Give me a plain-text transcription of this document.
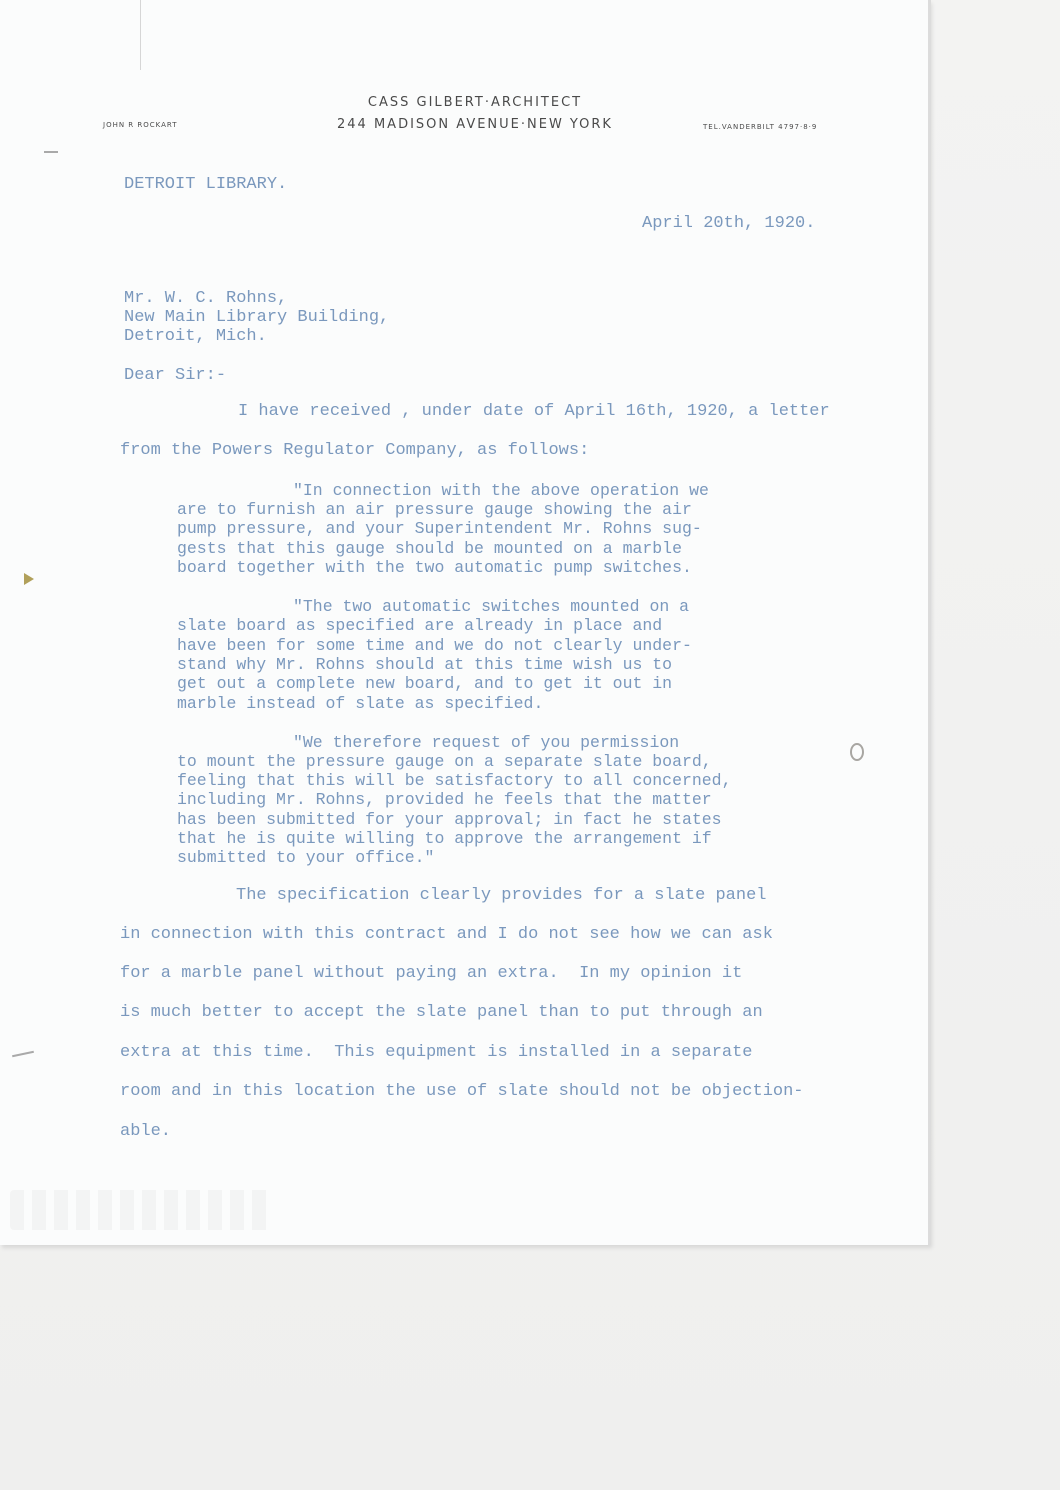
CASS GILBERT·ARCHITECT
244 MADISON AVENUE·NEW YORK
JOHN R ROCKART	TEL.VANDERBILT 4797·8·9
DETROIT LIBRARY.
April 20th, 1920.
Mr. W. C. Rohns,
New Main Library Building,
Detroit, Mich.
Dear Sir:-
I have received , under date of April 16th, 1920, a letter
from the Powers Regulator Company, as follows:
"In connection with the above operation we
are to furnish an air pressure gauge showing the air
pump pressure, and your Superintendent Mr. Rohns sug-
gests that this gauge should be mounted on a marble
board together with the two automatic pump switches.
"The two automatic switches mounted on a
slate board as specified are already in place and
have been for some time and we do not clearly under-
stand why Mr. Rohns should at this time wish us to
get out a complete new board, and to get it out in
marble instead of slate as specified.
"We therefore request of you permission
to mount the pressure gauge on a separate slate board,
feeling that this will be satisfactory to all concerned,
including Mr. Rohns, provided he feels that the matter
has been submitted for your approval; in fact he states
that he is quite willing to approve the arrangement if
submitted to your office."
The specification clearly provides for a slate panel
in connection with this contract and I do not see how we can ask
for a marble panel without paying an extra.  In my opinion it
is much better to accept the slate panel than to put through an
extra at this time.  This equipment is installed in a separate
room and in this location the use of slate should not be objection-
able.
